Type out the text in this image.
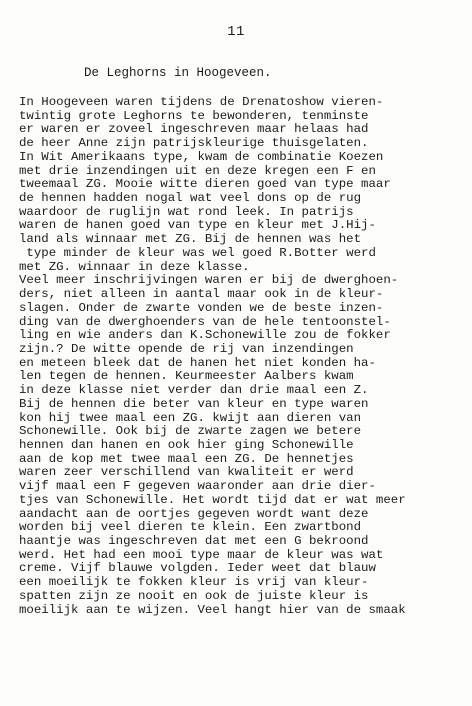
11
De Leghorns in Hoogeveen.
In Hoogeveen waren tijdens de Drenatoshow vieren-
twintig grote Leghorns te bewonderen, tenminste
er waren er zoveel ingeschreven maar helaas had
de heer Anne zijn patrijskleurige thuisgelaten.
In Wit Amerikaans type, kwam de combinatie Koezen
met drie inzendingen uit en deze kregen een F en
tweemaal ZG. Mooie witte dieren goed van type maar
de hennen hadden nogal wat veel dons op de rug
waardoor de ruglijn wat rond leek. In patrijs
waren de hanen goed van type en kleur met J.Hij-
land als winnaar met ZG. Bij de hennen was het
type minder de kleur was wel goed R.Botter werd
met ZG. winnaar in deze klasse.
Veel meer inschrijvingen waren er bij de dwerghoen-
ders, niet alleen in aantal maar ook in de kleur-
slagen. Onder de zwarte vonden we de beste inzen-
ding van de dwerghoenders van de hele tentoonstel-
ling en wie anders dan K.Schonewille zou de fokker
zijn.? De witte opende de rij van inzendingen
en meteen bleek dat de hanen het niet konden ha-
len tegen de hennen. Keurmeester Aalbers kwam
in deze klasse niet verder dan drie maal een Z.
Bij de hennen die beter van kleur en type waren
kon hij twee maal een ZG. kwijt aan dieren van
Schonewille. Ook bij de zwarte zagen we betere
hennen dan hanen en ook hier ging Schonewille
aan de kop met twee maal een ZG. De hennetjes
waren zeer verschillend van kwaliteit er werd
vijf maal een F gegeven waaronder aan drie dier-
tjes van Schonewille. Het wordt tijd dat er wat meer
aandacht aan de oortjes gegeven wordt want deze
worden bij veel dieren te klein. Een zwartbond
haantje was ingeschreven dat met een G bekroond
werd. Het had een mooi type maar de kleur was wat
creme. Vijf blauwe volgden. Ieder weet dat blauw
een moeilijk te fokken kleur is vrij van kleur-
spatten zijn ze nooit en ook de juiste kleur is
moeilijk aan te wijzen. Veel hangt hier van de smaak
